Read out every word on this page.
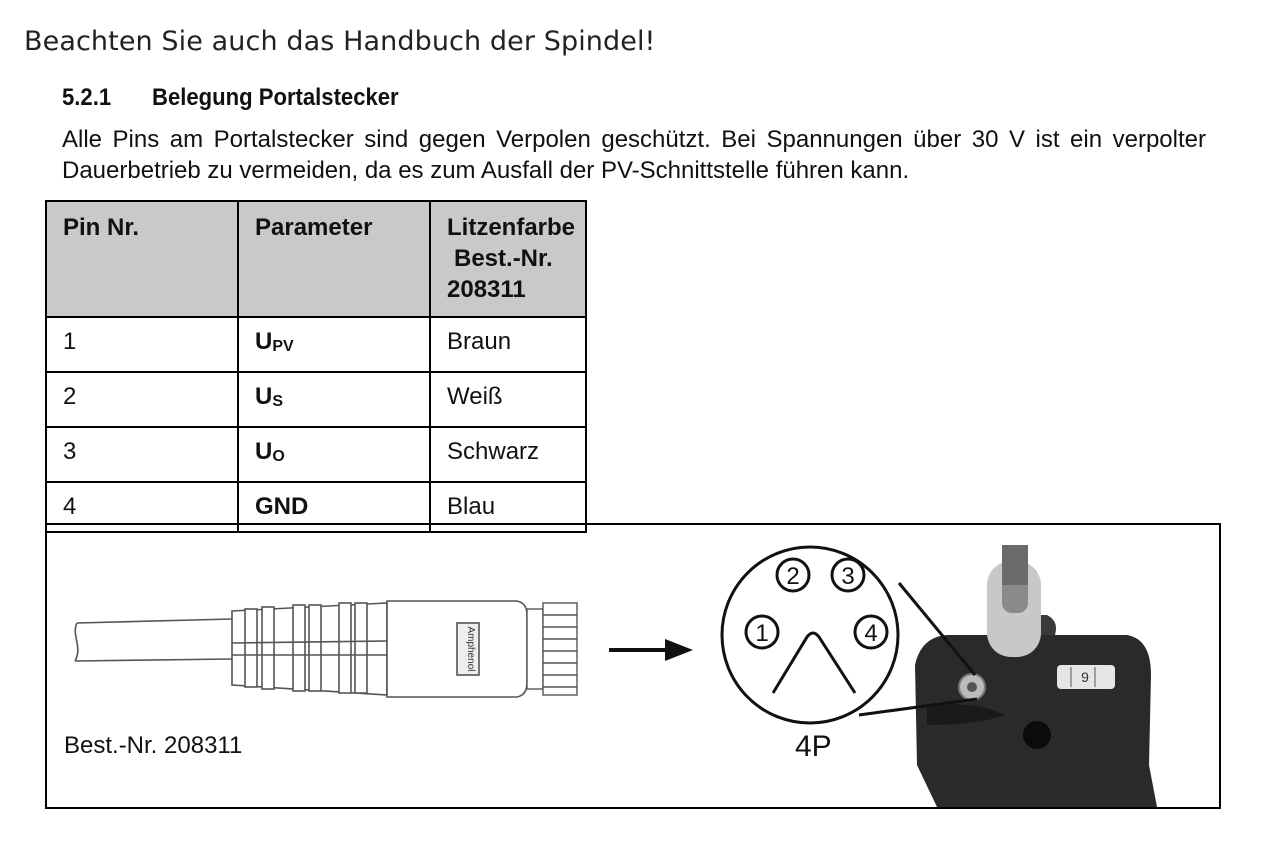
Beachten Sie auch das Handbuch der Spindel!
5.2.1 Belegung Portalstecker
Alle Pins am Portalstecker sind gegen Verpolen geschützt. Bei Spannungen über 30 V ist ein verpolter
Dauerbetrieb zu vermeiden, da es zum Ausfall der PV-Schnittstelle führen kann.
Pin Nr.	Parameter	Litzenfarbe
Best.-Nr.
208311

1	$U_{PV}$	Braun
2	$U_S$	Weiß
3	$U_O$	Schwarz
4	GND	Blau
Amphenol	1
2 3
4
9
Best.-Nr. 208311	4P
